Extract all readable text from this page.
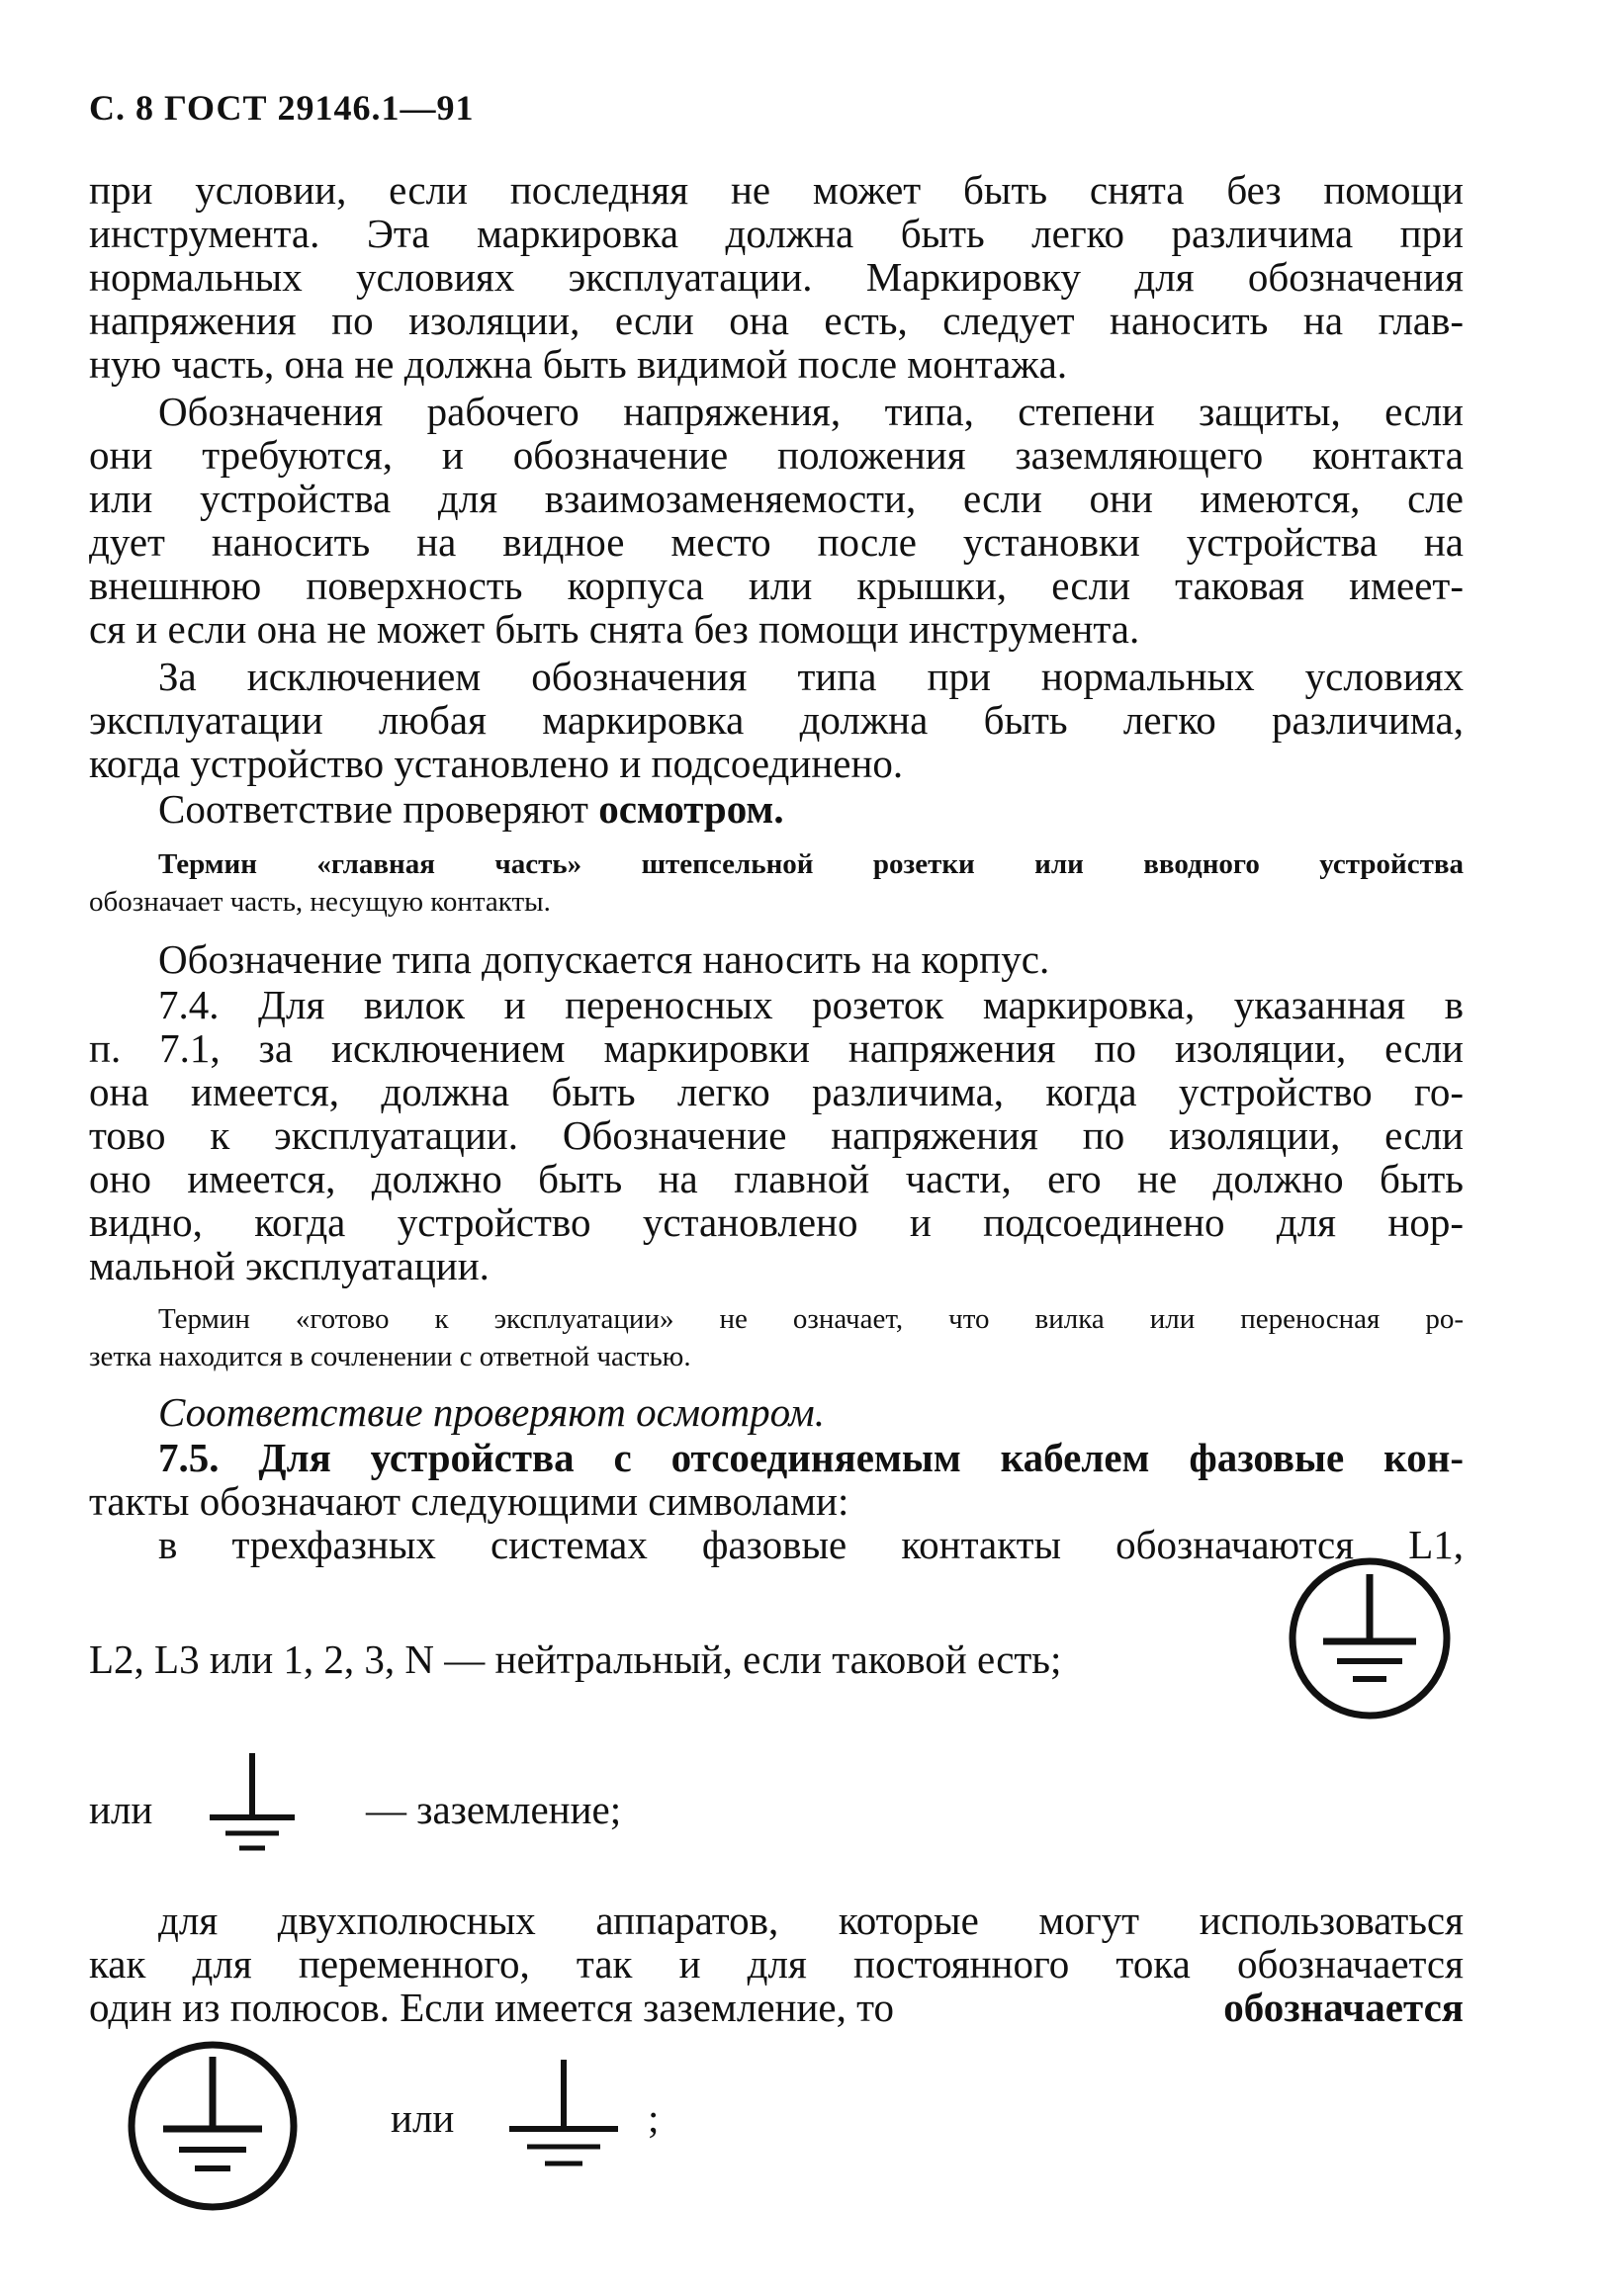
С. 8 ГОСТ 29146.1—91
при условии, если последняя не может быть снята без помощи
инструмента. Эта маркировка должна быть легко различима при
нормальных условиях эксплуатации. Маркировку для обозначения
напряжения по изоляции, если она есть, следует наносить на глав-
ную часть, она не должна быть видимой после монтажа.
Обозначения рабочего напряжения, типа, степени защиты, если
они требуются, и обозначение положения заземляющего контакта
или устройства для взаимозаменяемости, если они имеются, сле
дует наносить на видное место после установки устройства на
внешнюю поверхность корпуса или крышки, если таковая имеет-
ся и если она не может быть снята без помощи инструмента.
За исключением обозначения типа при нормальных условиях
эксплуатации любая маркировка должна быть легко различима,
когда устройство установлено и подсоединено.
Соответствие проверяют осмотром.
Термин «главная часть» штепсельной розетки или вводного устройства
обозначает часть, несущую контакты.
Обозначение типа допускается наносить на корпус.
7.4. Для вилок и переносных розеток маркировка, указанная в
п. 7.1, за исключением маркировки напряжения по изоляции, если
она имеется, должна быть легко различима, когда устройство го-
тово к эксплуатации. Обозначение напряжения по изоляции, если
оно имеется, должно быть на главной части, его не должно быть
видно, когда устройство установлено и подсоединено для нор-
мальной эксплуатации.
Термин «готово к эксплуатации» не означает, что вилка или переносная ро-
зетка находится в сочленении с ответной частью.
Соответствие проверяют осмотром.
7.5. Для устройства с отсоединяемым кабелем фазовые кон-
такты обозначают следующими символами:
в трехфазных системах фазовые контакты обозначаются L1,
L2, L3 или 1, 2, 3, N — нейтральный, если таковой есть;
или	— заземление;
для двухполюсных аппаратов, которые могут использоваться
как для переменного, так и для постоянного тока обозначается
один из полюсов. Если имеется заземление, то	обозначается
или	;
